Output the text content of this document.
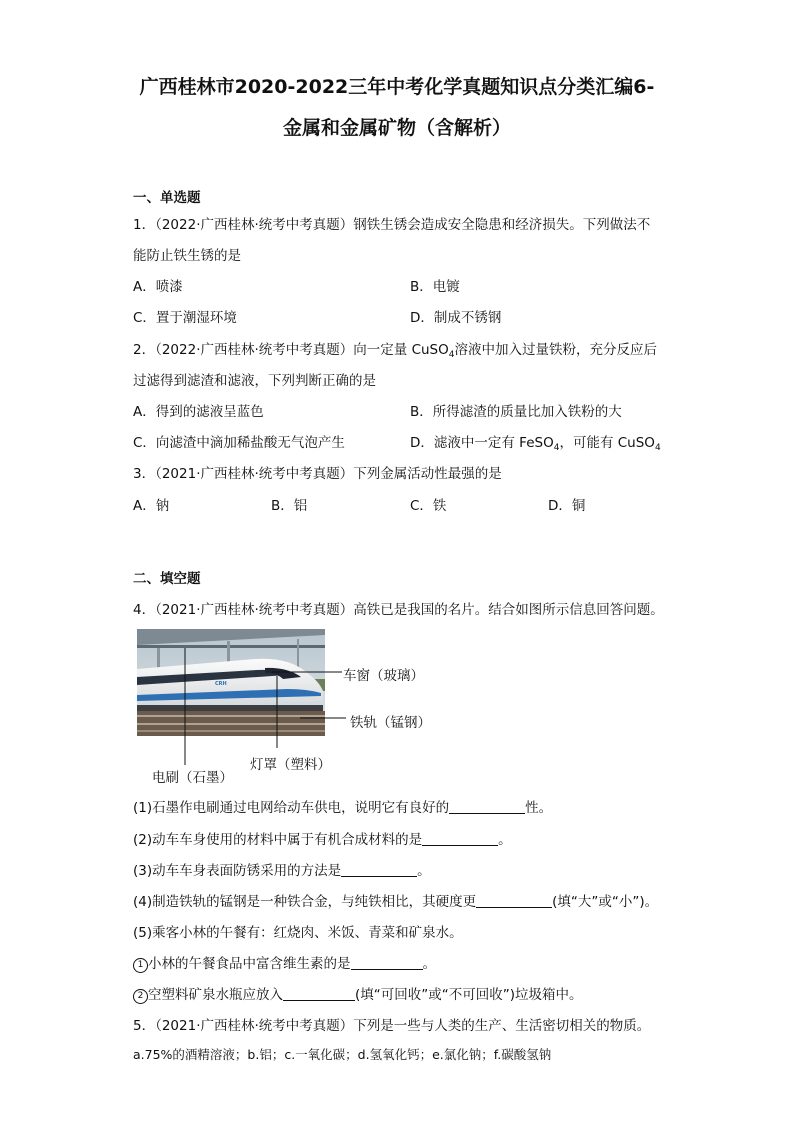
广西桂林市2020-2022三年中考化学真题知识点分类汇编6-
金属和金属矿物（含解析）
一、单选题
1．（2022·广西桂林·统考中考真题）钢铁生锈会造成安全隐患和经济损失。下列做法不
能防止铁生锈的是
A．喷漆	B．电镀
C．置于潮湿环境	D．制成不锈钢
2．（2022·广西桂林·统考中考真题）向一定量 CuSO$_4$溶液中加入过量铁粉，充分反应后
过滤得到滤渣和滤液，下列判断正确的是
A．得到的滤液呈蓝色	B．所得滤渣的质量比加入铁粉的大
C．向滤渣中滴加稀盐酸无气泡产生	D．滤液中一定有 FeSO$_4$，可能有 CuSO$_4$
3．（2021·广西桂林·统考中考真题）下列金属活动性最强的是
A．钠	B．铝	C．铁	D．铜
二、填空题
4．（2021·广西桂林·统考中考真题）高铁已是我国的名片。结合如图所示信息回答问题。
CRH	车窗（玻璃）
铁轨（锰钢）
灯罩（塑料）
电刷（石墨）
(1)石墨作电刷通过电网给动车供电，说明它有良好的	性。
(2)动车车身使用的材料中属于有机合成材料的是	。
(3)动车车身表面防锈采用的方法是	。
(4)制造铁轨的锰钢是一种铁合金，与纯铁相比，其硬度更	(填“大”或“小”)。
(5)乘客小林的午餐有：红烧肉、米饭、青菜和矿泉水。
1 小林的午餐食品中富含维生素的是	。
2 空塑料矿泉水瓶应放入	(填“可回收”或“不可回收”)垃圾箱中。
5．（2021·广西桂林·统考中考真题）下列是一些与人类的生产、生活密切相关的物质。
a.75%的酒精溶液；b.铝；c.一氧化碳；d.氢氧化钙；e.氯化钠；f.碳酸氢钠
